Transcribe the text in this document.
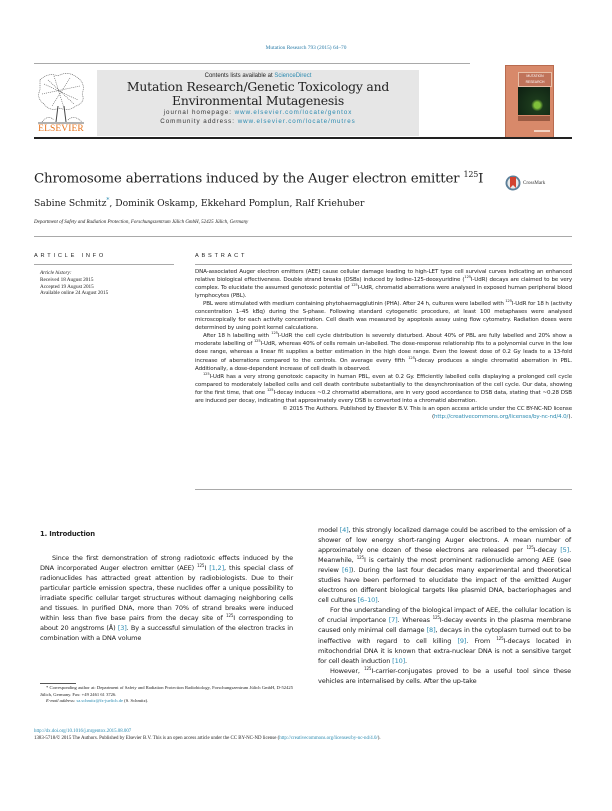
Mutation Research 793 (2015) 64–70
ELSEVIER
Contents lists available at ScienceDirect
Mutation Research/Genetic Toxicology and
Environmental Mutagenesis
journal homepage: www.elsevier.com/locate/gentox
Community address: www.elsevier.com/locate/mutres
MUTATION
RESEARCH
Chromosome aberrations induced by the Auger electron emitter $^{125}$I	CrossMark
Sabine Schmitz*, Dominik Oskamp, Ekkehard Pomplun, Ralf Kriehuber
Department of Safety and Radiation Protection, Forschungszentrum Jülich GmbH, 52425 Jülich, Germany
ARTICLE INFO	ABSTRACT
Article history:
Received 18 August 2015
Accepted 19 August 2015
Available online 24 August 2015

DNA-associated Auger electron emitters (AEE) cause cellular damage leading to high-LET type cell survival curves indicating an enhanced relative biological effectiveness. Double strand breaks (DSBs) induced by Iodine-125-deoxyuridine ($^{125}$I-UdR) decays are claimed to be very complex. To elucidate the assumed genotoxic potential of $^{125}$I-UdR, chromatid aberrations were analysed in exposed human peripheral blood lymphocytes (PBL).

PBL were stimulated with medium containing phytohaemagglutinin (PHA). After 24 h, cultures were labelled with $^{125}$I-UdR for 18 h (activity concentration 1–45 kBq) during the S-phase. Following standard cytogenetic procedure, at least 100 metaphases were analysed microscopically for each activity concentration. Cell death was measured by apoptosis assay using flow cytometry. Radiation doses were determined by using point kernel calculations.

After 18 h labelling with $^{125}$I-UdR the cell cycle distribution is severely disturbed. About 40% of PBL are fully labelled and 20% show a moderate labelling of $^{125}$I-UdR, whereas 40% of cells remain un-labelled. The dose-response relationship fits to a polynomial curve in the low dose range, whereas a linear fit supplies a better estimation in the high dose range. Even the lowest dose of 0.2 Gy leads to a 13-fold increase of aberrations compared to the controls. On average every fifth $^{125}$I-decay produces a single chromatid aberration in PBL. Additionally, a dose-dependent increase of cell death is observed.

$^{125}$I-UdR has a very strong genotoxic capacity in human PBL, even at 0.2 Gy. Efficiently labelled cells displaying a prolonged cell cycle compared to moderately labelled cells and cell death contribute substantially to the desynchronisation of the cell cycle. Our data, showing for the first time, that one $^{125}$I-decay induces ~0.2 chromatid aberrations, are in very good accordance to DSB data, stating that ~0.28 DSB are induced per decay, indicating that approximately every DSB is converted into a chromatid aberration.

© 2015 The Authors. Published by Elsevier B.V. This is an open access article under the CC BY-NC-ND license (http://creativecommons.org/licenses/by-nc-nd/4.0/).

1. Introduction

Since the first demonstration of strong radiotoxic effects induced by the DNA incorporated Auger electron emitter (AEE) $^{125}$I [1,2], this special class of radionuclides has attracted great attention by radiobiologists. Due to their particular particle emission spectra, these nuclides offer a unique possibility to irradiate specific cellular target structures without damaging neighboring cells and tissues. In purified DNA, more than 70% of strand breaks were induced within less than five base pairs from the decay site of $^{125}$I corresponding to about 20 angstroms (Å) [3]. By a successful simulation of the electron tracks in combination with a DNA volume

* Corresponding author at: Department of Safety and Radiation Protection Radiobiology, Forschungszentrum Jülich GmbH, D-52425 Jülich, Germany. Fax: +49 2461 61 3726.

E-mail address: sa.schmitz@fz-juelich.de (S. Schmitz).

model [4], this strongly localized damage could be ascribed to the emission of a shower of low energy short-ranging Auger electrons. A mean number of approximately one dozen of these electrons are released per $^{125}$I-decay [5]. Meanwhile, $^{125}$I is certainly the most prominent radionuclide among AEE (see review [6]). During the last four decades many experimental and theoretical studies have been performed to elucidate the impact of the emitted Auger electrons on different biological targets like plasmid DNA, bacteriophages and cell cultures [6–10].

For the understanding of the biological impact of AEE, the cellular location is of crucial importance [7]. Whereas $^{125}$I-decay events in the plasma membrane caused only minimal cell damage [8], decays in the cytoplasm turned out to be ineffective with regard to cell killing [9]. From $^{125}$I-decays located in mitochondrial DNA it is known that extra-nuclear DNA is not a sensitive target for cell death induction [10].

However, $^{125}$I-carrier-conjugates proved to be a useful tool since these vehicles are internalised by cells. After the up-take

http://dx.doi.org/10.1016/j.mrgentox.2015.08.007
1383-5718/© 2015 The Authors. Published by Elsevier B.V. This is an open access article under the CC BY-NC-ND license (http://creativecommons.org/licenses/by-nc-nd/4.0/).
